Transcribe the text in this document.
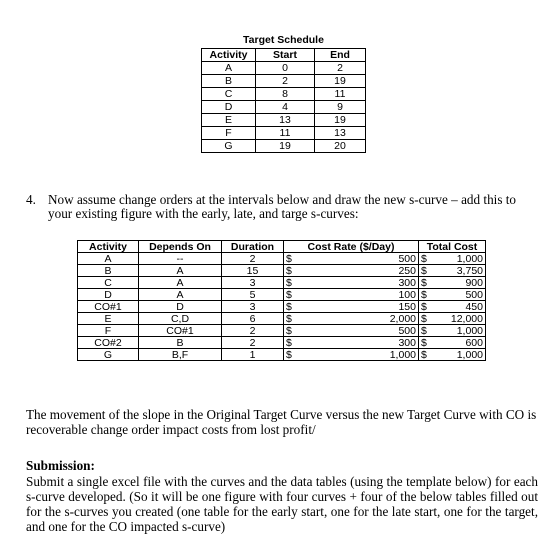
Target Schedule
Activity	Start	End
A	0	2
B	2	19
C	8	11
D	4	9
E	13	19
F	11	13
G	19	20
4. Now assume change orders at the intervals below and draw the new s-curve – add this to your existing figure with the early, late, and targe s-curves:
Activity	Depends On	Duration	Cost Rate ($/Day)		Total Cost	
A	--	2	$	500	$	1,000
B	A	15	$	250	$	3,750
C	A	3	$	300	$	900
D	A	5	$	100	$	500
CO#1	D	3	$	150	$	450
E	C,D	6	$	2,000	$	12,000
F	CO#1	2	$	500	$	1,000
CO#2	B	2	$	300	$	600
G	B,F	1	$	1,000	$	1,000
The movement of the slope in the Original Target Curve versus the new Target Curve with CO is recoverable change order impact costs from lost profit/
Submission:
Submit a single excel file with the curves and the data tables (using the template below) for each s-curve developed. (So it will be one figure with four curves + four of the below tables filled out for the s-curves you created (one table for the early start, one for the late start, one for the target, and one for the CO impacted s-curve)
